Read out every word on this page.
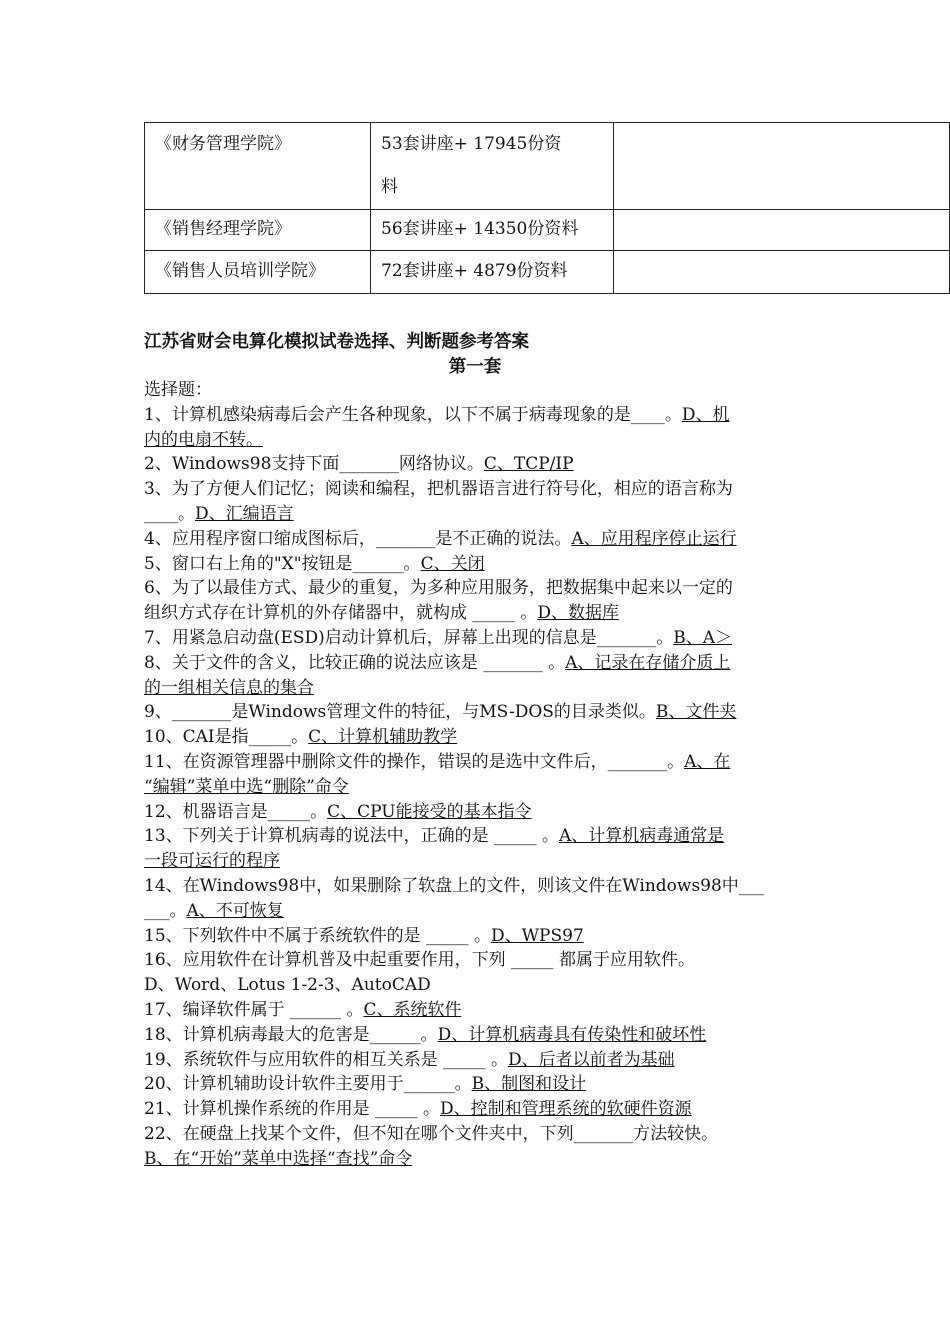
《财务管理学院》	53套讲座+ 17945份资
料	
《销售经理学院》	56套讲座+ 14350份资料	
《销售人员培训学院》	72套讲座+ 4879份资料	
江苏省财会电算化模拟试卷选择、判断题参考答案
第一套
选择题：
1、计算机感染病毒后会产生各种现象，以下不属于病毒现象的是____。D、机
内的电扇不转。
2、Windows98支持下面_______网络协议。C、TCP/IP
3、为了方便人们记忆；阅读和编程，把机器语言进行符号化，相应的语言称为
____。D、汇编语言
4、应用程序窗口缩成图标后，_______是不正确的说法。A、应用程序停止运行
5、窗口右上角的"X"按钮是______。C、关闭
6、为了以最佳方式、最少的重复，为多种应用服务，把数据集中起来以一定的
组织方式存在计算机的外存储器中，就构成 _____ 。D、数据库
7、用紧急启动盘(ESD)启动计算机后，屏幕上出现的信息是_______。B、A＞
8、关于文件的含义，比较正确的说法应该是 _______ 。A、记录在存储介质上
的一组相关信息的集合
9、_______是Windows管理文件的特征，与MS-DOS的目录类似。B、文件夹
10、CAI是指_____。C、计算机辅助教学
11、在资源管理器中删除文件的操作，错误的是选中文件后，_______。A、在
“编辑”菜单中选“删除”命令
12、机器语言是_____。C、CPU能接受的基本指令
13、下列关于计算机病毒的说法中，正确的是 _____ 。A、计算机病毒通常是
一段可运行的程序
14、在Windows98中，如果删除了软盘上的文件，则该文件在Windows98中___
___。A、不可恢复
15、下列软件中不属于系统软件的是 _____ 。D、WPS97
16、应用软件在计算机普及中起重要作用，下列 _____ 都属于应用软件。
D、Word、Lotus 1-2-3、AutoCAD
17、编译软件属于 ______ 。C、系统软件
18、计算机病毒最大的危害是______。D、计算机病毒具有传染性和破坏性
19、系统软件与应用软件的相互关系是 _____ 。D、后者以前者为基础
20、计算机辅助设计软件主要用于______。B、制图和设计
21、计算机操作系统的作用是 _____ 。D、控制和管理系统的软硬件资源
22、在硬盘上找某个文件，但不知在哪个文件夹中，下列_______方法较快。
B、在“开始”菜单中选择“查找”命令
